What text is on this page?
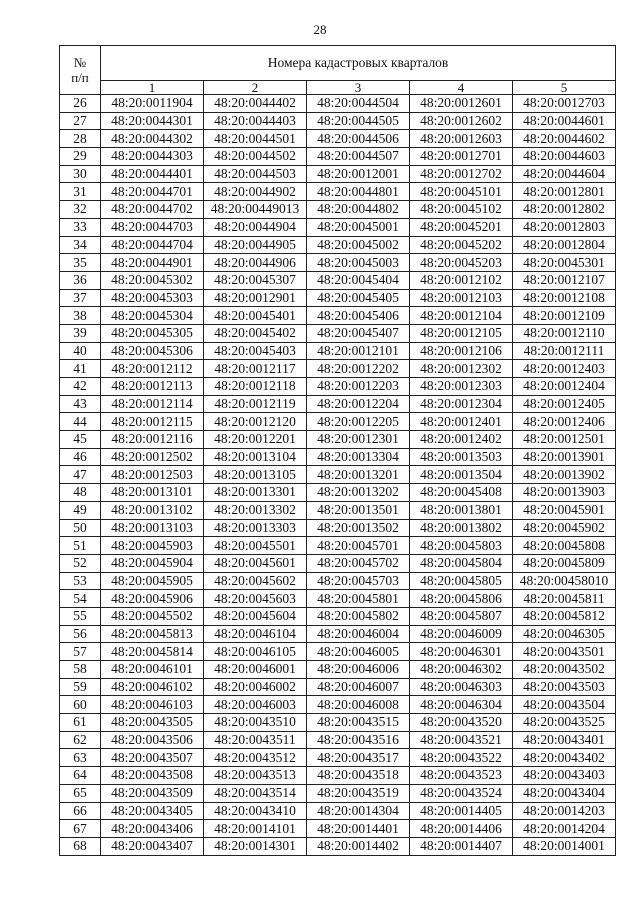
28
№
п/п	Номера кадастровых кварталов				
	1	2	3	4	5
26	48:20:0011904	48:20:0044402	48:20:0044504	48:20:0012601	48:20:0012703
27	48:20:0044301	48:20:0044403	48:20:0044505	48:20:0012602	48:20:0044601
28	48:20:0044302	48:20:0044501	48:20:0044506	48:20:0012603	48:20:0044602
29	48:20:0044303	48:20:0044502	48:20:0044507	48:20:0012701	48:20:0044603
30	48:20:0044401	48:20:0044503	48:20:0012001	48:20:0012702	48:20:0044604
31	48:20:0044701	48:20:0044902	48:20:0044801	48:20:0045101	48:20:0012801
32	48:20:0044702	48:20:00449013	48:20:0044802	48:20:0045102	48:20:0012802
33	48:20:0044703	48:20:0044904	48:20:0045001	48:20:0045201	48:20:0012803
34	48:20:0044704	48:20:0044905	48:20:0045002	48:20:0045202	48:20:0012804
35	48:20:0044901	48:20:0044906	48:20:0045003	48:20:0045203	48:20:0045301
36	48:20:0045302	48:20:0045307	48:20:0045404	48:20:0012102	48:20:0012107
37	48:20:0045303	48:20:0012901	48:20:0045405	48:20:0012103	48:20:0012108
38	48:20:0045304	48:20:0045401	48:20:0045406	48:20:0012104	48:20:0012109
39	48:20:0045305	48:20:0045402	48:20:0045407	48:20:0012105	48:20:0012110
40	48:20:0045306	48:20:0045403	48:20:0012101	48:20:0012106	48:20:0012111
41	48:20:0012112	48:20:0012117	48:20:0012202	48:20:0012302	48:20:0012403
42	48:20:0012113	48:20:0012118	48:20:0012203	48:20:0012303	48:20:0012404
43	48:20:0012114	48:20:0012119	48:20:0012204	48:20:0012304	48:20:0012405
44	48:20:0012115	48:20:0012120	48:20:0012205	48:20:0012401	48:20:0012406
45	48:20:0012116	48:20:0012201	48:20:0012301	48:20:0012402	48:20:0012501
46	48:20:0012502	48:20:0013104	48:20:0013304	48:20:0013503	48:20:0013901
47	48:20:0012503	48:20:0013105	48:20:0013201	48:20:0013504	48:20:0013902
48	48:20:0013101	48:20:0013301	48:20:0013202	48:20:0045408	48:20:0013903
49	48:20:0013102	48:20:0013302	48:20:0013501	48:20:0013801	48:20:0045901
50	48:20:0013103	48:20:0013303	48:20:0013502	48:20:0013802	48:20:0045902
51	48:20:0045903	48:20:0045501	48:20:0045701	48:20:0045803	48:20:0045808
52	48:20:0045904	48:20:0045601	48:20:0045702	48:20:0045804	48:20:0045809
53	48:20:0045905	48:20:0045602	48:20:0045703	48:20:0045805	48:20:00458010
54	48:20:0045906	48:20:0045603	48:20:0045801	48:20:0045806	48:20:0045811
55	48:20:0045502	48:20:0045604	48:20:0045802	48:20:0045807	48:20:0045812
56	48:20:0045813	48:20:0046104	48:20:0046004	48:20:0046009	48:20:0046305
57	48:20:0045814	48:20:0046105	48:20:0046005	48:20:0046301	48:20:0043501
58	48:20:0046101	48:20:0046001	48:20:0046006	48:20:0046302	48:20:0043502
59	48:20:0046102	48:20:0046002	48:20:0046007	48:20:0046303	48:20:0043503
60	48:20:0046103	48:20:0046003	48:20:0046008	48:20:0046304	48:20:0043504
61	48:20:0043505	48:20:0043510	48:20:0043515	48:20:0043520	48:20:0043525
62	48:20:0043506	48:20:0043511	48:20:0043516	48:20:0043521	48:20:0043401
63	48:20:0043507	48:20:0043512	48:20:0043517	48:20:0043522	48:20:0043402
64	48:20:0043508	48:20:0043513	48:20:0043518	48:20:0043523	48:20:0043403
65	48:20:0043509	48:20:0043514	48:20:0043519	48:20:0043524	48:20:0043404
66	48:20:0043405	48:20:0043410	48:20:0014304	48:20:0014405	48:20:0014203
67	48:20:0043406	48:20:0014101	48:20:0014401	48:20:0014406	48:20:0014204
68	48:20:0043407	48:20:0014301	48:20:0014402	48:20:0014407	48:20:0014001
